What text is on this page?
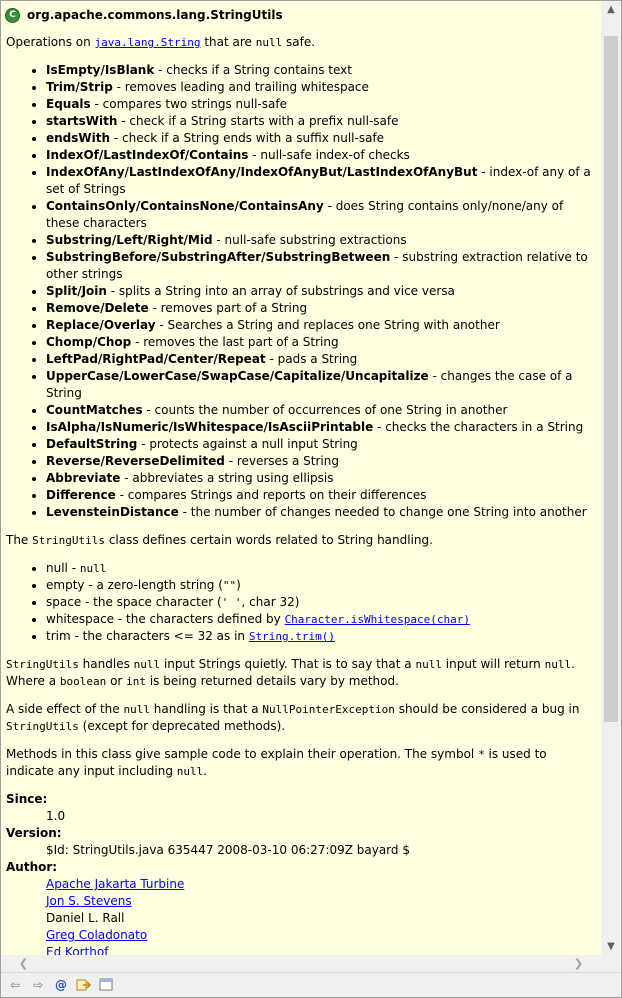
C org.apache.commons.lang.StringUtils

Operations on java.lang.String that are null safe.

• IsEmpty/IsBlank - checks if a String contains text
• Trim/Strip - removes leading and trailing whitespace
• Equals - compares two strings null-safe
• startsWith - check if a String starts with a prefix null-safe
• endsWith - check if a String ends with a suffix null-safe
• IndexOf/LastIndexOf/Contains - null-safe index-of checks
• IndexOfAny/LastIndexOfAny/IndexOfAnyBut/LastIndexOfAnyBut - index-of any of a set of Strings
• ContainsOnly/ContainsNone/ContainsAny - does String contains only/none/any of these characters
• Substring/Left/Right/Mid - null-safe substring extractions
• SubstringBefore/SubstringAfter/SubstringBetween - substring extraction relative to other strings
• Split/Join - splits a String into an array of substrings and vice versa
• Remove/Delete - removes part of a String
• Replace/Overlay - Searches a String and replaces one String with another
• Chomp/Chop - removes the last part of a String
• LeftPad/RightPad/Center/Repeat - pads a String
• UpperCase/LowerCase/SwapCase/Capitalize/Uncapitalize - changes the case of a String
• CountMatches - counts the number of occurrences of one String in another
• IsAlpha/IsNumeric/IsWhitespace/IsAsciiPrintable - checks the characters in a String
• DefaultString - protects against a null input String
• Reverse/ReverseDelimited - reverses a String
• Abbreviate - abbreviates a string using ellipsis
• Difference - compares Strings and reports on their differences
• LevensteinDistance - the number of changes needed to change one String into another

The StringUtils class defines certain words related to String handling.

• null - null
• empty - a zero-length string ("")
• space - the space character (' ', char 32)
• whitespace - the characters defined by Character.isWhitespace(char)
• trim - the characters <= 32 as in String.trim()

StringUtils handles null input Strings quietly. That is to say that a null input will return null. Where a boolean or int is being returned details vary by method.

A side effect of the null handling is that a NullPointerException should be considered a bug in StringUtils (except for deprecated methods).

Methods in this class give sample code to explain their operation. The symbol * is used to indicate any input including null.

Since:
1.0
Version:
$Id: StringUtils.java 635447 2008-03-10 06:27:09Z bayard $
Author:
Apache Jakarta Turbine
Jon S. Stevens
Daniel L. Rall
Greg Coladonato
Ed Korthof
▲
▼
❮	❯
⇦	⇨ @
